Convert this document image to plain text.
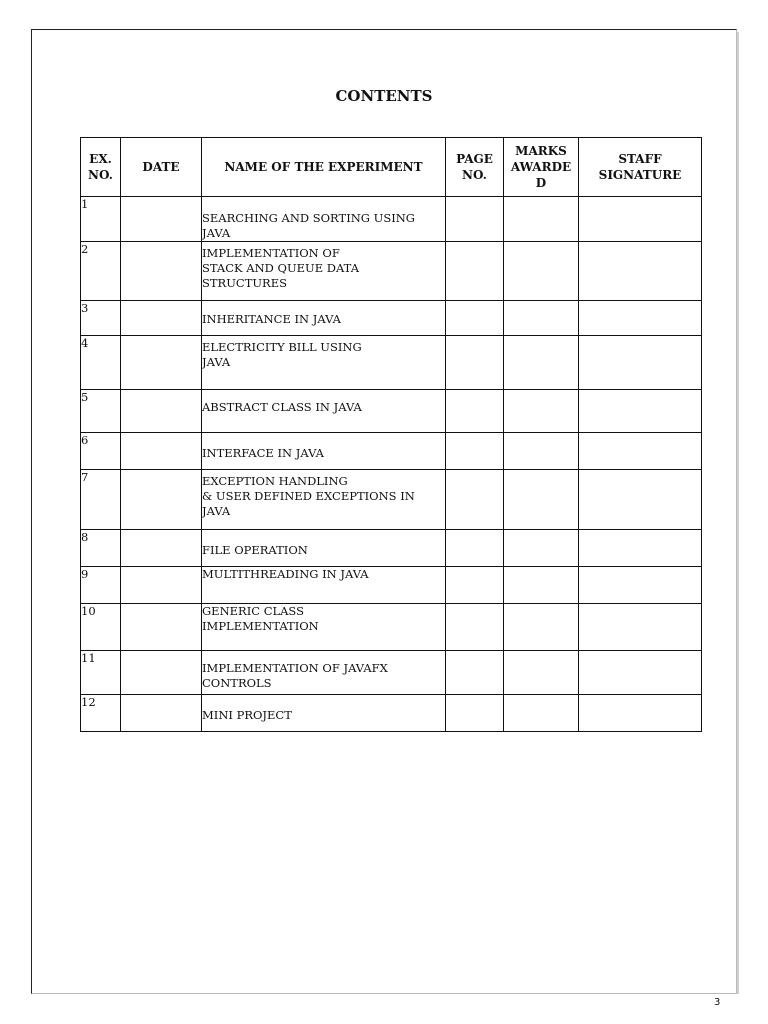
CONTENTS
EX. NO.	DATE	NAME OF THE EXPERIMENT	PAGE NO.	MARKS AWARDE D	STAFF SIGNATURE
1		SEARCHING AND SORTING USING JAVA			

2		IMPLEMENTATION OF
STACK AND QUEUE DATA
STRUCTURES			

3		INHERITANCE IN JAVA			

4		ELECTRICITY BILL USING
JAVA			

5		ABSTRACT CLASS IN JAVA			

6		INTERFACE IN JAVA			

7		EXCEPTION HANDLING
& USER DEFINED EXCEPTIONS IN
JAVA			

8		FILE OPERATION			

9		MULTITHREADING IN JAVA			

10		GENERIC CLASS
IMPLEMENTATION			

11		IMPLEMENTATION OF JAVAFX
CONTROLS			

12		MINI PROJECT			

3
